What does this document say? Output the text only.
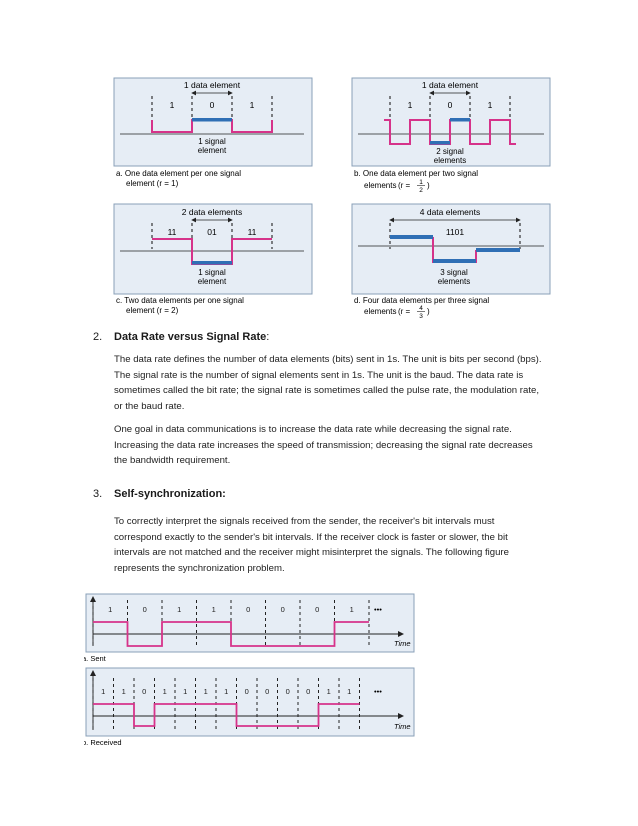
1 data element
1	0	1
1 signal
element
a. One data element per one signal
element (r = 1)
1 data element
1	0	1
2 signal
elements
b. One data element per two signal
elements (r = 1
2
)
2 data elements
11	01	11
1 signal
element
c. Two data elements per one signal
element (r = 2)
4 data elements
1101
3 signal
elements
d. Four data elements per three signal
elements (r = 4
3
)
2. Data Rate versus Signal Rate:
The data rate defines the number of data elements (bits) sent in 1s. The unit is bits per second (bps). The signal rate is the number of signal elements sent in 1s. The unit is the baud. The data rate is sometimes called the bit rate; the signal rate is sometimes called the pulse rate, the modulation rate, or the baud rate.
One goal in data communications is to increase the data rate while decreasing the signal rate. Increasing the data rate increases the speed of transmission; decreasing the signal rate decreases the bandwidth requirement.
3. Self-synchronization:
To correctly interpret the signals received from the sender, the receiver's bit intervals must correspond exactly to the sender's bit intervals. If the receiver clock is faster or slower, the bit intervals are not matched and the receiver might misinterpret the signals. The following figure represents the synchronization problem.
1	0	1	1	0	0	0	1	•••
Time
a. Sent
1 1 0 1 1 1 1 0 0 0 0 1 1	•••
Time
b. Received
